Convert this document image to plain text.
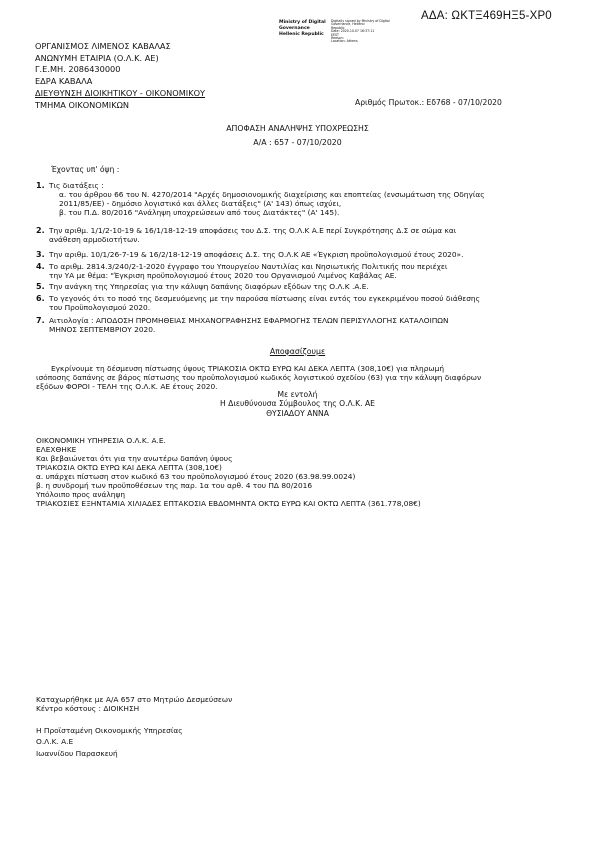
ΑΔΑ: ΩΚΤΞ469ΗΞ5-ΧΡ0
Ministry of Digital
Governance
Hellenic Republic
Digitally signed by Ministry of Digital
Governance, Hellenic
Republic
Date: 2020.10.07 16:37:11
EEST
Reason:
Location: Athens
ΟΡΓΑΝΙΣΜΟΣ ΛΙΜΕΝΟΣ ΚΑΒΑΛΑΣ
ΑΝΩΝΥΜΗ ΕΤΑΙΡΙΑ (Ο.Λ.Κ. ΑΕ)
Γ.Ε.ΜΗ. 2086430000
ΕΔΡΑ ΚΑΒΑΛΑ
ΔΙΕΥΘΥΝΣΗ ΔΙΟΙΚΗΤΙΚΟΥ - ΟΙΚΟΝΟΜΙΚΟΥ
ΤΜΗΜΑ ΟΙΚΟΝΟΜΙΚΩΝ	Αριθμός Πρωτοκ.: Εδ768 - 07/10/2020
ΑΠΟΦΑΣΗ ΑΝΑΛΗΨΗΣ ΥΠΟΧΡΕΩΣΗΣ
Α/Α : 657 - 07/10/2020
Έχοντας υπ' όψη :
1. Τις διατάξεις :
α. του άρθρου 66 του Ν. 4270/2014 "Αρχές δημοσιονομικής διαχείρισης και εποπτείας (ενσωμάτωση της Οδηγίας
2011/85/ΕΕ) - δημόσιο λογιστικό και άλλες διατάξεις" (Α' 143) όπως ισχύει,
β. του Π.Δ. 80/2016 "Ανάληψη υποχρεώσεων από τους Διατάκτες" (Α' 145).
2. Την αριθμ. 1/1/2-10-19 & 16/1/18-12-19 αποφάσεις του Δ.Σ. της Ο.Λ.Κ Α.Ε περί Συγκρότησης Δ.Σ σε σώμα και
ανάθεση αρμοδιοτήτων.
3. Την αριθμ. 10/1/26-7-19 & 16/2/18-12-19 αποφάσεις Δ.Σ. της Ο.Λ.Κ ΑΕ «Έγκριση προϋπολογισμού έτους 2020».
4. Το αριθμ. 2814.3/240/2-1-2020 έγγραφο του Υπουργείου Ναυτιλίας και Νησιωτικής Πολιτικής που περιέχει
την ΥΑ με θέμα: "Έγκριση προϋπολογισμού έτους 2020 του Οργανισμού Λιμένος Καβάλας ΑΕ.
5. Την ανάγκη της Υπηρεσίας για την κάλυψη δαπάνης διαφόρων εξόδων της Ο.Λ.Κ .Α.Ε.
6. Το γεγονός ότι το ποσό της δεσμευόμενης με την παρούσα πίστωσης είναι εντός του εγκεκριμένου ποσού διάθεσης
του Προϋπολογισμού 2020.
7. Αιτιολογία : ΑΠΟΔΟΣΗ ΠΡΟΜΗΘΕΙΑΣ ΜΗΧΑΝΟΓΡΑΦΗΣΗΣ ΕΦΑΡΜΟΓΗΣ ΤΕΛΩΝ ΠΕΡΙΣΥΛΛΟΓΗΣ ΚΑΤΑΛΟΙΠΩΝ
ΜΗΝΟΣ ΣΕΠΤΕΜΒΡΙΟΥ 2020.
Αποφασίζουμε
Εγκρίνουμε τη δέσμευση πίστωσης ύψους ΤΡΙΑΚΟΣΙΑ ΟΚΤΩ ΕΥΡΩ ΚΑΙ ΔΕΚΑ ΛΕΠΤΑ (308,10€) για πληρωμή
ισόποσης δαπάνης σε βάρος πίστωσης του προϋπολογισμού κωδικός λογιστικού σχεδίου (63) για την κάλυψη διαφόρων
εξόδων ΦΟΡΟΙ - ΤΕΛΗ της Ο.Λ.Κ. ΑΕ έτους 2020.
Με εντολή
Η Διευθύνουσα Σύμβουλος της Ο.Λ.Κ. ΑΕ
ΘΥΣΙΑΔΟΥ ΑΝΝΑ
ΟΙΚΟΝΟΜΙΚΗ ΥΠΗΡΕΣΙΑ Ο.Λ.Κ. Α.Ε.
ΕΛΕΧΘΗΚΕ
Και βεβαιώνεται ότι για την ανωτέρω δαπάνη ύψους
ΤΡΙΑΚΟΣΙΑ ΟΚΤΩ ΕΥΡΩ ΚΑΙ ΔΕΚΑ ΛΕΠΤΑ (308,10€)
α. υπάρχει πίστωση στον κωδικό 63 του προϋπολογισμού έτους 2020 (63.98.99.0024)
β. η συνδρομή των προϋποθέσεων της παρ. 1α του αρθ. 4 του ΠΔ 80/2016
Υπόλοιπο προς ανάληψη
ΤΡΙΑΚΟΣΙΕΣ ΕΞΗΝΤΑΜΙΑ ΧΙΛΙΑΔΕΣ ΕΠΤΑΚΟΣΙΑ ΕΒΔΟΜΗΝΤΑ ΟΚΤΩ ΕΥΡΩ ΚΑΙ ΟΚΤΩ ΛΕΠΤΑ (361.778,08€)
Καταχωρήθηκε με Α/Α 657 στο Μητρώο Δεσμεύσεων
Κέντρο κόστους : ΔΙΟΙΚΗΣΗ
Η Προϊσταμένη Οικονομικής Υπηρεσίας
Ο.Λ.Κ. Α.Ε
Ιωαννίδου Παρασκευή
